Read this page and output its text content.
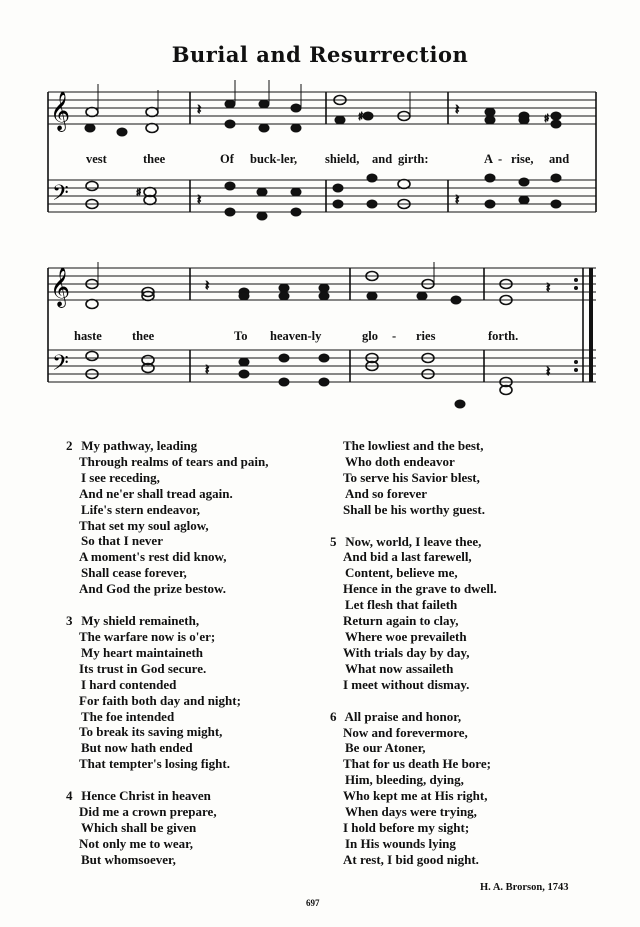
Burial and Resurrection
𝄞
𝄢
𝄽	♯	𝄽
♯
♯	𝄽	𝄽
vest	thee	Of buck-ler, shield, and girth:	A - rise, and
𝄞
𝄢
𝄽	𝄽
𝄽	𝄽
haste thee	To heaven-ly	glo - ries	forth.
2 My pathway, leading
Through realms of tears and pain,
I see receding,
And ne'er shall tread again.
Life's stern endeavor,
That set my soul aglow,
So that I never
A moment's rest did know,
Shall cease forever,
And God the prize bestow.
3 My shield remaineth,
The warfare now is o'er;
My heart maintaineth
Its trust in God secure.
I hard contended
For faith both day and night;
The foe intended
To break its saving might,
But now hath ended
That tempter's losing fight.
4 Hence Christ in heaven
Did me a crown prepare,
Which shall be given
Not only me to wear,
But whomsoever,
The lowliest and the best,
Who doth endeavor
To serve his Savior blest,
And so forever
Shall be his worthy guest.
5 Now, world, I leave thee,
And bid a last farewell,
Content, believe me,
Hence in the grave to dwell.
Let flesh that faileth
Return again to clay,
Where woe prevaileth
With trials day by day,
What now assaileth
I meet without dismay.
6 All praise and honor,
Now and forevermore,
Be our Atoner,
That for us death He bore;
Him, bleeding, dying,
Who kept me at His right,
When days were trying,
I hold before my sight;
In His wounds lying
At rest, I bid good night.
H. A. Brorson, 1743
697
